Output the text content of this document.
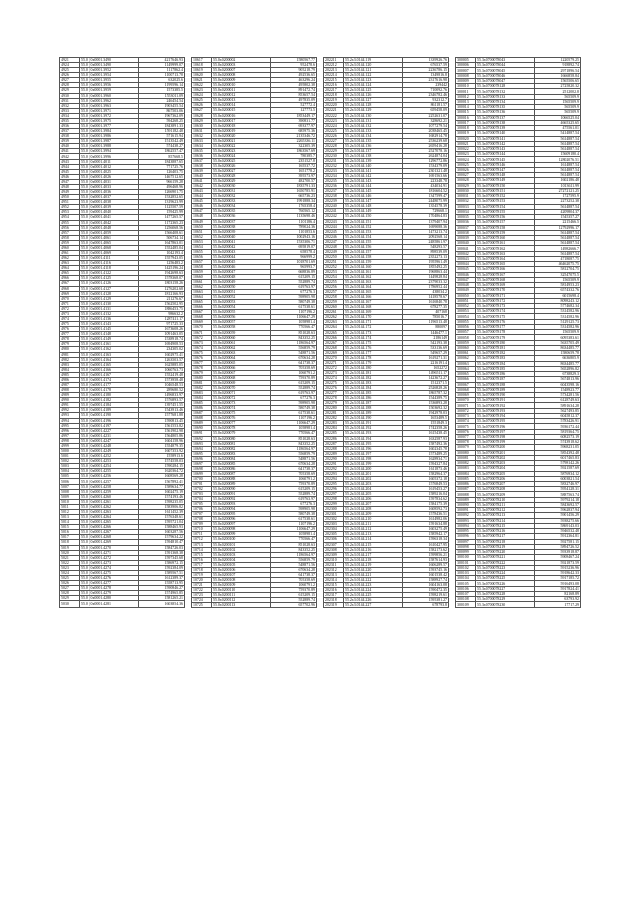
4921	55.0 | 0x0001.3490	4217646.93
4924	55.0 | 0x0001.3490	1149999.07
4925	55.0 | 0x0001.3952	1117862.4
4926	55.0 | 0x0001.3954	1100713.78
4927	55.0 | 0x0001.3955	632025.6
4928	55.0 | 0x0001.3956	1199596.14
4929	55.0 | 0x0001.3959	1573385.5
4930	55.0 | 0x0001.3960	1553011.09
4931	55.0 | 0x0001.3962	246454.54
4932	55.0 | 0x0001.3963	1903455.54
4933	55.0 | 0x0001.3971	867503.06
4934	55.0 | 0x0001.3972	1967362.09
4935	55.0 | 0x0001.3975	594268.25
4936	55.0 | 0x0001.3977	1843891.33
4937	55.0 | 0x0001.3984	1591182.48
4938	55.0 | 0x0001.3986	571615.94
4939	55.0 | 0x0001.3987	1513542.49
4940	55.0 | 0x0001.3988	574438.27
4941	55.0 | 0x0001.3994	1862557.47
4942	55.0 | 0x0001.3996	857668.5
4943	55.0 | 0x0001.4011	1843887.65
4944	55.0 | 0x0001.4012	771725.76
4945	55.0 | 0x0001.4025	126403.75
4946	55.0 | 0x0001.4026	1467512.65
4947	55.0 | 0x0001.4031	966159.28
4948	55.0 | 0x0001.4033	496468.96
4949	55.0 | 0x0001.4036	1266901.75
4950	55.0 | 0x0001.4037	1532852.65
4951	55.0 | 0x0001.4038	1319623.99
4952	55.0 | 0x0001.4039	1125507.59
4953	55.0 | 0x0001.4040	159425.99
4954	55.0 | 0x0001.4041	1477265.57
4955	55.0 | 0x0001.4042	1172365.23
4956	55.0 | 0x0001.4048	1256068.56
4957	55.0 | 0x0001.4059	1566408.61
4958	55.0 | 0x0001.4061	506734.14
4959	55.0 | 0x0001.4065	1647863.01
4960	55.0 | 0x0001.4068	1552485.04
4961	55.0 | 0x0001.4069	1042193.4
4962	55.0 | 0x0001.4111	1557943.05
4963	55.0 | 0x0001.4116	1256483.2
4964	55.0 | 0x0001.4118	1425196.24
4965	55.0 | 0x0001.4122	1942698.63
4966	55.0 | 0x0001.4125	1578368.07
4967	55.0 | 0x0001.4126	1803158.26
4968	55.0 | 0x0001.4127	1276202.68
4969	55.0 | 0x0001.4128	1812166.93
4970	55.0 | 0x0001.4129	211276.67
4971	55.0 | 0x0001.4130	1562502.95
4972	55.0 | 0x0001.4131	1886453.75
4973	55.0 | 0x0001.4132	986632.2
4974	55.0 | 0x0001.4136	1287411.17
4975	55.0 | 0x0001.4143	971725.33
4976	55.0 | 0x0001.4145	1673608.26
4977	55.0 | 0x0001.4148	1091463.05
4978	55.0 | 0x0001.4149	1538918.74
4979	55.0 | 0x0001.4161	1694908.53
4980	55.0 | 0x0001.4162	234305.02
4981	55.0 | 0x0001.4163	1602975.41
4982	55.0 | 0x0001.4164	1263503.57
4983	55.0 | 0x0001.4165	1625885.05
4984	55.0 | 0x0001.4166	1060763.73
4985	55.0 | 0x0001.4167	1552419.48
4986	55.0 | 0x0001.4174	1573958.48
4987	55.0 | 0x0001.4177	1046548.53
4988	55.0 | 0x0001.4178	289680.52
4989	55.0 | 0x0001.4180	1496833.97
4990	55.0 | 0x0001.4182	1576893.57
4991	55.0 | 0x0001.4184	1397451.55
4992	55.0 | 0x0001.4189	1543913.46
4993	55.0 | 0x0001.4190	1577681.88
4994	55.0 | 0x0001.4196	1590813.45
4995	55.0 | 0x0001.4197	1561553.82
4996	55.0 | 0x0001.4227	1561902.98
4997	55.0 | 0x0001.4231	1564805.86
4998	55.0 | 0x0001.4247	1604158.96
4999	55.0 | 0x0001.4248	1554879.35
5000	55.0 | 0x0001.4249	1607353.92
5001	55.0 | 0x0001.4252	1558913.6
5002	55.0 | 0x0001.4253	1574558.03
5003	55.0 | 0x0001.4254	1590284.15
5004	55.0 | 0x0001.4255	1620364.72
5005	55.0 | 0x0001.4256	1608569.28
5006	55.0 | 0x0001.4257	1567892.41
5007	55.0 | 0x0001.4258	1589634.77
5008	55.0 | 0x0001.4259	1602475.19
5009	55.0 | 0x0001.4260	1574193.46
5010	55.0 | 0x0001.4261	1598235.05
5011	55.0 | 0x0001.4262	1583906.82
5012	55.0 | 0x0001.4263	1611452.39
5013	55.0 | 0x0001.4264	1576348.61
5014	55.0 | 0x0001.4265	1595721.04
5015	55.0 | 0x0001.4266	1588465.93
5016	55.0 | 0x0001.4267	1603287.56
5017	55.0 | 0x0001.4268	1579634.22
5018	55.0 | 0x0001.4269	1594810.47
5019	55.0 | 0x0001.4270	1584726.03
5020	55.0 | 0x0001.4271	1591368.38
5021	55.0 | 0x0001.4272	1597345.68
5022	55.0 | 0x0001.4273	1586972.15
5023	55.0 | 0x0001.4274	1592384.09
5024	55.0 | 0x0001.4275	1589567.51
5025	55.0 | 0x0001.4276	1612389.37
5026	55.0 | 0x0001.4277	1558713.95
5027	55.0 | 0x0001.4278	1590846.27
5028	55.0 | 0x0001.4279	1574965.85
5029	55.0 | 0x0001.4280	1581265.21
5030	55.0 | 0x0001.4281	1603854.36
10617	55.0x0200002	1580567.77
10618	55.0x0200003	952478.6
10619	55.0x0200007	905218.79
10620	55.0x0200008	492536.65
10621	55.0x0200009	463296.24
10622	55.0x0200010	495802.38
10623	55.0x0200011	891472.74
10624	55.0x0200012	853657.54
10625	55.0x0200013	497835.09
10626	55.0x0200014	527772.4
10627	55.0x0200015	127773.5
10628	55.0x0200016	1853449.17
10629	55.0x0200017	390831.77
10630	55.0x0200018	693377.97
10631	55.0x0200019	685975.36
10632	55.0x0200020	2135346.72
10633	55.0x0200021	2265336.11
10634	55.0x0200022	322305.39
10635	55.0x0200023	1863567.69
10636	55.0x0200024	780385.7
10637	55.0x0200025	2351527.8
10638	55.0x0200026	165537.72
10639	55.0x0200027	1651778.2
10640	55.0x0200028	395573.97
10641	55.0x0200029	482700.57
10642	55.0x0200030	1835791.33
10643	55.0x0200031	1650785.91
10644	55.0x0200032	665736.23
10645	55.0x0200033	1991888.34
10646	55.0x0200034	1765358.4
10647	55.0x0200035	760565.12
10648	55.0x0200036	1135698.46
10649	55.0x0200037	1101186.4
10650	55.0x0200038	789024.36
10651	55.0x0200039	1101853.6
10652	55.0x0200040	1002943.16
10653	55.0x0200041	1535306.71
10654	55.0x0200042	695819.07
10655	55.0x0200043	658578.4
10656	55.0x0200044	966999.2
10657	55.0x0200045	1018701.69
10658	55.0x0200046	965993.7
10659	55.0x0200047	668836.89
10660	55.0x0200048	615209.15
10661	55.0x0200049	552889.74
10662	55.0x0200050	619763.97
10663	55.0x0200051	677276.3
10664	55.0x0200052	598905.98
10665	55.0x0200053	580749.38
10666	55.0x0200054	617538.61
10667	55.0x0200055	1107196.2
10668	55.0x0200056	1106647.29
10669	55.0x0200057	1058981.4
10670	55.0x0200058	770566.47
10671	55.0x0200059	851028.63
10672	55.0x0200060	843352.25
10673	55.0x0200061	1186564.97
10674	55.0x0200062	556859.79
10675	55.0x0200063	548871.56
10676	55.0x0200064	670634.28
10677	55.0x0200065	641738.37
10678	55.0x0200066	705358.69
10679	55.0x0200067	1060791.2
10680	55.0x0200068	759370.89
10681	55.0x0200069	615209.15
10682	55.0x0200070	552889.74
10683	55.0x0200071	619763.97
10684	55.0x0200072	677276.3
10685	55.0x0200073	598905.98
10686	55.0x0200074	580749.38
10687	55.0x0200075	617538.61
10688	55.0x0200076	1107196.2
10689	55.0x0200077	1106647.29
10690	55.0x0200078	1058981.4
10691	55.0x0200079	770566.47
10692	55.0x0200080	851028.63
10693	55.0x0200081	843352.25
10694	55.0x0200082	1186564.97
10695	55.0x0200083	556859.79
10696	55.0x0200084	548871.56
10697	55.0x0200085	670634.28
10698	55.0x0200086	641738.37
10699	55.0x0200087	705358.69
10700	55.0x0200088	1060791.2
10701	55.0x0200089	759370.89
10702	55.0x0200090	615209.15
10703	55.0x0200091	552889.74
10704	55.0x0200092	619763.97
10705	55.0x0200093	677276.3
10706	55.0x0200094	598905.98
10707	55.0x0200095	580749.38
10708	55.0x0200096	617538.61
10709	55.0x0200097	1107196.2
10710	55.0x0200098	1106647.29
10711	55.0x0200099	1058981.4
10712	55.0x0200100	770566.47
10713	55.0x0200101	851028.63
10714	55.0x0200102	843352.25
10715	55.0x0200103	1186564.97
10716	55.0x0200104	556859.79
10717	55.0x0200105	548871.56
10718	55.0x0200106	670634.28
10719	55.0x0200107	641738.37
10720	55.0x0200108	705358.69
10721	55.0x0200109	1060791.2
10722	55.0x0200110	759370.89
10723	55.0x0200111	615209.15
10724	55.0x0200112	552889.74
10725	55.0x0200113	657702.96
202211	55.2x3.0144.119	1339926.76
202212	55.2x3.0144.120	676537.59
202213	55.2x3.0144.121	2236786.15
202214	55.2x3.0144.122	1349816.8
202215	55.2x3.0144.123	2317616.98
202216	55.2x3.0144.124	239442
202217	55.2x3.0144.125	710092.76
202218	55.2x3.0144.126	2346782.46
202219	55.2x3.0144.127	932312.7
202220	55.2x3.0144.128	861181.57
202221	55.2x3.0144.129	659458.09
202222	55.2x3.0144.130	2252631.07
202223	55.2x3.0144.131	328692.21
202224	55.2x3.0144.132	1077279.54
202225	55.2x3.0144.133	2038465.45
202226	55.2x3.0144.134	1682914.78
202227	55.2x3.0144.135	2536239.68
202228	55.2x3.0144.136	2659416.28
202229	55.2x3.0144.137	2527078.16
202230	55.2x3.0144.138	2624874.04
202231	55.2x3.0144.139	1296772.86
202232	55.2x3.0144.140	1534379.09
202233	55.2x3.0144.141	2301321.48
202234	55.2x3.0144.142	1691563.66
202235	55.2x3.0144.143	223348.78
202236	55.2x3.0144.144	434034.91
202237	55.2x3.0144.145	1816604.52
202238	55.2x3.0144.146	1347599.47
202239	55.2x3.0144.147	2448075.99
202240	55.2x3.0144.148	1354578.39
202241	55.2x3.0144.149	729668.1
202242	55.2x3.0144.150	1704864.83
202243	55.2x3.0144.151	1379407.94
202244	55.2x3.0144.152	1699088.36
202245	55.2x3.0144.153	1473213.74
202246	55.2x3.0144.154	2092568.14
202247	55.2x3.0144.155	2485861.97
202248	55.2x3.0144.156	548293.57
202249	55.2x3.0144.157	898539.09
202250	55.2x3.0144.158	2352273.13
202251	55.2x3.0144.159	1955961.49
202252	55.2x3.0144.160	1855492.25
202253	55.2x3.0144.161	1968863.44
202254	55.2x3.0144.162	1449828.84
202255	55.2x3.0144.163	2379033.32
202256	55.2x3.0144.164	1786952.44
202257	55.2x3.0144.165	438034.2
202258	55.2x3.0144.166	1418578.67
202259	55.2x3.0144.167	1616840.78
202260	55.2x3.0144.168	678277.35
202261	55.2x3.0144.169	407168
202262	55.2x3.0144.170	785016.7
202263	55.2x3.0144.171	1196513.48
202264	55.2x3.0144.172	880097
202265	55.2x3.0144.173	1446477.1
202266	55.2x3.0144.174	2186149
202267	55.2x3.0144.175	542193.38
202268	55.2x3.0144.176	533136.69
202269	55.2x3.0144.177	549657.29
202270	55.2x3.0144.178	1619271.31
202271	55.2x3.0144.179	2216191.4
202272	55.2x3.0144.180	1652272
202273	55.2x3.0144.181	1496511.17
202274	55.2x3.0144.182	1423672.27
202275	55.2x3.0144.183	1512371.5
202276	55.2x3.0144.184	2526828.26
202277	55.2x3.0144.185	1865787.32
202278	55.2x3.0144.186	1544389.75
202279	55.2x3.0144.187	1536893.28
202280	55.2x3.0144.188	1503692.32
202281	55.2x3.0144.189	1942978.03
202282	55.2x3.0144.190	1653489.5
202283	55.2x3.0144.191	1551849.3
202284	55.2x3.0144.192	1742358.26
202285	55.2x3.0144.193	1615438.45
202286	55.2x3.0144.194	1632587.93
202287	55.2x3.0144.195	1587492.36
202288	55.2x3.0144.196	1602345.78
202289	55.2x3.0144.197	1573489.25
202290	55.2x3.0144.198	1628934.71
202291	55.2x3.0144.199	1594327.84
202292	55.2x3.0144.200	1611873.46
202293	55.2x3.0144.201	1582964.37
202294	55.2x3.0144.202	1605372.18
202295	55.2x3.0144.203	1576849.53
202296	55.2x3.0144.204	1619453.27
202297	55.2x3.0144.205	1589216.04
202298	55.2x3.0144.206	1597834.62
202299	55.2x3.0144.207	1584175.39
202300	55.2x3.0144.208	1608592.73
202301	55.2x3.0144.209	1578436.51
202302	55.2x3.0144.210	1614982.06
202303	55.2x3.0144.211	1591634.88
202304	55.2x3.0144.212	1603275.49
202305	55.2x3.0144.213	1585942.17
202306	55.2x3.0144.214	1596318.34
202307	55.2x3.0144.215	1610427.95
202308	55.2x3.0144.216	1582173.62
202309	55.2x3.0144.217	1599856.21
202310	55.2x3.0144.218	1587614.93
202311	55.2x3.0144.219	1606289.57
202312	55.2x3.0144.220	1593745.16
202313	55.2x3.0144.221	1601538.42
202314	55.2x3.0144.222	1588927.74
202315	55.2x3.0144.223	1604163.08
202316	55.2x3.0144.224	1590472.35
202317	55.2x3.0144.225	1598219.61
202318	55.2x3.0144.226	1595381.27
202319	55.2x3.0144.227	678793.8
300005	55.3x0700078043	1220579.25
300006	55.3x0700078044	918892.74
300007	55.3x0700078045	2971896.54
300008	55.3x0700078046	1666858.84
300009	55.3x0700078047	1565506.65
300010	55.3x0700078128	2725820.32
300011	55.3x0700078132	2512002.8
300012	55.3x0700078133	565509.9
300013	55.3x0700078134	1565509.9
300014	55.3x0700078135	565509.9
300015	55.3x0700078136	565509.9
300016	55.3x0700078137	1066525.04
300017	55.3x0700078138	4665325.65
300018	55.3x0700078139	475561.01
300019	55.3x0700078140	5414887.54
300020	55.3x0700078141	5614887.54
300021	55.3x0700078142	5614887.54
300022	55.3x0700078143	5614887.54
300023	55.3x0700078144	15609180.4
300024	55.3x0700078145	12802076.51
300025	55.3x0700078146	1614887.54
300026	55.3x0700078147	5614887.54
300027	55.3x0700078148	5614887.54
300028	55.3x0700078149	1602186.48
300029	55.3x0700078150	1013611.99
300030	55.3x0700078151	27272121.25
300031	55.3x0700078152	1727595.9
300032	55.3x0700078153	2273252.38
300033	55.3x0700078154	5614887.54
300034	55.3x0700078155	4209804.37
300035	55.3x0700078156	1545357.27
300036	55.3x0700078157	2215466.5
300037	55.3x0700078158	12792996.17
300038	55.3x0700078159	5614887.54
300039	55.3x0700078160	5614887.54
300040	55.3x0700078161	5614887.54
300041	55.3x0700078162	14982666.7
300042	55.3x0700078163	5614887.54
300043	55.3x0700078164	4718087.75
300044	55.3x0700078165	46462075.75
300045	55.3x0700078166	5812704.75
300046	55.3x0700078167	32547075.5
300047	55.3x0700078168	1565509.9
300048	55.3x0700078169	5814953.23
300049	55.3x0700078170	6574332.76
300050	55.3x0700078171	6015698.4
300051	55.3x0700078172	8098243.12
300052	55.3x0700078173	5774682.34
300053	55.3x0700078174	5314582.96
300054	55.3x0700078175	5314582.96
300055	55.3x0700078176	5129125.73
300056	55.3x0700078177	5314582.96
300057	55.3x0700078178	1565509.9
300058	55.3x0700078179	6095383.61
300059	55.3x0700078180	5635705.49
300060	55.3x0700078181	8634485.77
300061	55.3x0700078182	1580659.78
300062	55.3x0700078183	6636805.9
300063	55.3x0700078184	8634485.77
300064	55.3x0700078185	5652896.82
300065	55.3x0700078186	6738829.3
300066	55.3x0700078187	5674813.96
300067	55.3x0700078188	6043598.16
300068	55.3x0700078189	1548923.77
300069	55.3x0700078190	5734281.56
300070	55.3x0700078191	6128749.63
300071	55.3x0700078192	5891634.28
300072	55.3x0700078193	5627493.85
300073	55.3x0700078194	6045812.37
300074	55.3x0700078195	5783426.91
300075	55.3x0700078196	5936172.44
300076	55.3x0700078197	5819364.75
300077	55.3x0700078198	6082573.19
300078	55.3x0700078199	5743918.62
300079	55.3x0700078200	5968231.05
300080	55.3x0700078201	5854392.48
300081	55.3x0700078202	6017465.83
300082	55.3x0700078203	5798142.26
300083	55.3x0700078204	5921587.69
300084	55.3x0700078205	5876934.12
300085	55.3x0700078206	6003821.54
300086	55.3x0700078207	5832746.97
300087	55.3x0700078208	5954128.31
300088	55.3x0700078209	5887563.74
300089	55.3x0700078210	5979214.18
300090	55.3x0700078211	5843692.57
300091	55.3x0700078212	5962837.94
300092	55.3x0700078213	5901456.29
300093	55.3x0700078214	5938275.66
300094	55.3x0700078215	5869143.03
300095	55.3x0700078216	5946532.48
300096	55.3x0700078217	5912364.81
300097	55.3x0700078218	5927581.15
300098	55.3x0700078219	5894726.52
300099	55.3x0700078220	5933918.87
300100	55.3x0700078221	5908467.24
300101	55.3x0700078222	5921873.59
300102	55.3x0700078223	5915236.96
300103	55.3x0700078224	5918642.33
300104	55.3x0700078225	5917185.72
300105	55.3x0700078226	5916493.08
300106	55.3x0700078227	5917824.41
300107	55.3x0700078228	82168.89
300108	55.3x0700078229	63793.92
300109	55.3x0700078230	17717.29
